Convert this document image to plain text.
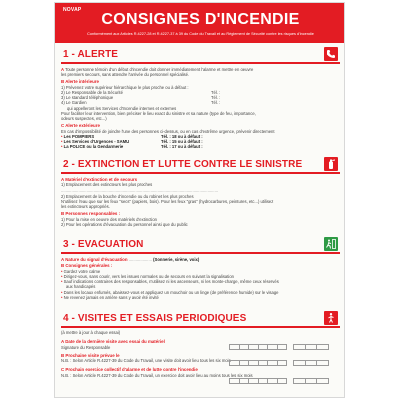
NOVAP
CONSIGNES D'INCENDIE
Conformément aux Articles R.4227-28 et R.4227-37 à 39 du Code du Travail et au Règlement de Sécurité contre les risques d'incendie
1 - ALERTE
A Toute personne témoin d'un début d'incendie doit donner immédiatement l'alarme et mettre en oeuvre
les premiers secours, sans attendre l'arrivée du personnel spécialisé.
B Alerte intérieure
1) Prévenez votre supérieur hiérarchique le plus proche ou à défaut :
2) Le Responsable de la Sécurité	Tél. :
3) Le standard téléphonique	Tél. :
4) Le Gardien	Tél. :
qui appelleront les Services d'Incendie internes et externes
Pour faciliter leur intervention, bien préciser le lieu exact du sinistre et sa nature (type de feu, importance,
odeurs suspectes, etc...)
C Alerte extérieure
En cas d'impossibilité de joindre l'une des personnes ci-dessus, ou en cas d'extrême urgence, prévenir directement
• Les POMPIERS	Tél. : 18 ou à défaut :
• Les Services d'Urgences - SAMU	Tél. : 15 ou à défaut :
• La POLICE ou la Gendarmerie	Tél. : 17 ou à défaut :
2 - EXTINCTION ET LUTTE CONTRE LE SINISTRE
A Matériel d'extinction et de secours
1) Emplacement des extincteurs les plus proches
.......................................................................................................................................
2) Emplacement de la bouche d'incendie ou du robinet les plus proches
N'utilisez l'eau que sur les feux "secs" (papiers, bois). Pour les feux "gras" (hydrocarbures, peintures, etc...) utilisez
les extincteurs appropriés.
B Personnes responsables :
1) Pour la mise en oeuvre des matériels d'extinction
2) Pour les opérations d'évacuation du personnel ainsi que du public
3 - EVACUATION
A Nature du signal d'évacuation .................... (Sonnerie, sirène, voix)
B Consignes générales :
• Gardez votre calme
• Dirigez-vous, sans courir, vers les issues normales ou de secours en suivant la signalisation
• Sauf indications contraires des responsables, n'utilisez ni les ascenseurs, ni les monte-charge, même ceux réservés
aux handicapés
• Dans les locaux enfumés, abaissez-vous et appliquez un mouchoir ou un linge (de préférence humide) sur le visage
• Ne revenez jamais en arrière sans y avoir été invité
4 - VISITES ET ESSAIS PERIODIQUES
(à mettre à jour à chaque essai)
A Date de la dernière visite avec essai du matériel
Signature du Responsable
B Prochaine visite prévue le
N.B. : Selon Article R.4227-39 du Code du Travail, une visite doit avoir lieu tous les six mois
C Prochain exercice collectif d'alarme et de lutte contre l'incendie
N.B. : Selon Article R.4227-39 du Code du Travail, un exercice doit avoir lieu au moins tous les six mois
